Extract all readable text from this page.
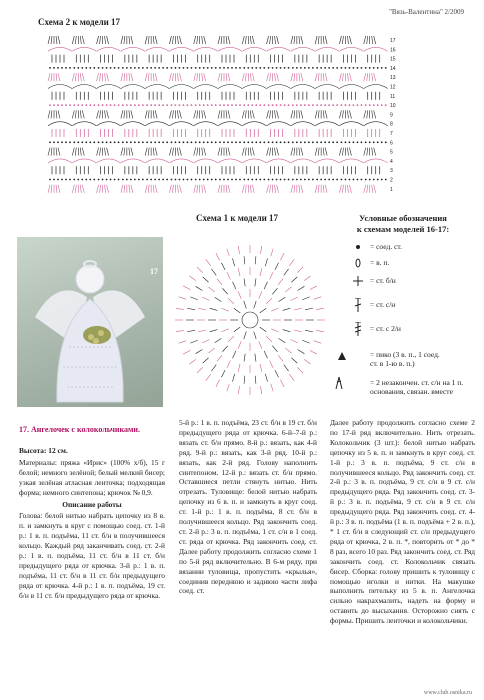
"Вязь-Валентина" 2/2009
Схема 2 к модели 17
17
16
15
14
13
12
11
10
9
8
7
6
5
4
3
2
1
Схема 1 к модели 17	Условные обозначения
к схемам моделей 16-17:
= соед. ст.
= в. п.
= ст. б/н
= ст. с/н
= ст. с 2/н
= пико (3 в. п., 1 соед.
ст. в 1-ю в. п.)
= 2 незакончен. ст. с/н на 1 п.
основания, связан. вместе
17
17. Ангелочек с колокольчиками.

Высота: 12 см.

Материалы: пряжа «Ирис» (100% х/б), 15 г белой; немного зелёной; белый мелкий бисер; узкая зелёная атласная ленточка; подходящая форма; немного синтепона; крючок № 0,9.

Описание работы

Голова: белой нитью набрать цепочку из 8 в. п. и замкнуть в круг с помощью соед. ст. 1-й р.: 1 в. п. подъёма, 11 ст. б/н в получившееся кольцо. Каждый ряд заканчивать соед. ст. 2-й р.: 1 в. п. подъёма, 11 ст. б/н в 11 ст. б/н предыдущего ряда от крючка. 3-й р.: 1 в. п. подъёма, 11 ст. б/н в 11 ст. б/н предыдущего ряда от крючка. 4-й р.: 1 в. п. подъёма, 19 ст. б/н в 11 ст. б/н предыдущего ряда от крючка.

5-й р.: 1 в. п. подъёма, 23 ст. б/н в 19 ст. б/н предыдущего ряда от крючка. 6-й–7-й р.: вязать ст. б/н прямо. 8-й р.: вязать, как 4-й ряд. 9-й р.: вязать, как 3-й ряд. 10-й р.: вязать, как 2-й ряд. Голову наполнить синтепоном. 12-й р.: вязать ст. б/н прямо. Оставшиеся петли стянуть нитью. Нить отрезать. Туловище: белой нитью набрать цепочку из 6 в. п. и замкнуть в круг соед. ст. 1-й р.: 1 в. п. подъёма, 8 ст. б/н в получившееся кольцо. Ряд закончить соед. ст. 2-й р.: 3 в. п. подъёма, 1 ст. с/н в 1 соед. ст. ряда от крючка. Ряд закончить соед. ст. Далее работу продолжить согласно схеме 1 по 5-й ряд включительно. В 6-м ряду, при вязании туловища, пропустить «крылья», соединив переднюю и заднюю части лифа соед. ст.

Далее работу продолжить согласно схеме 2 по 17-й ряд включительно. Нить отрезать. Колокольчик (3 шт.): белой нитью набрать цепочку из 5 в. п. и замкнуть в круг соед. ст. 1-й р.: 3 в. п. подъёма, 9 ст. с/н в получившееся кольцо. Ряд закончить соед. ст. 2-й р.: 3 в. п. подъёма, 9 ст. с/н в 9 ст. с/н предыдущего ряда. Ряд закончить соед. ст. 3-й р.: 3 в. п. подъёма, 9 ст. с/н в 9 ст. с/н предыдущего ряда. Ряд закончить соед. ст. 4-й р.: 3 в. п. подъёма (1 в. п. подъёма + 2 в. п.), * 1 ст. б/н в следующий ст. с/н предыдущего ряда от крючка, 2 в. п. *, повторить от * до * 8 раз, всего 10 раз. Ряд закончить соед. ст. Ряд закончить соед. ст. Колокольчик связать бисер. Сборка: голову пришить к туловищу с помощью иголки и нитки. На макушке выполнить петельку из 5 в. п. Ангелочка сильно накрахмалить, надеть на форму и оставить до высыхания. Осторожно снять с формы. Пришить ленточки и колокольчики.

www.club.osnika.ru
